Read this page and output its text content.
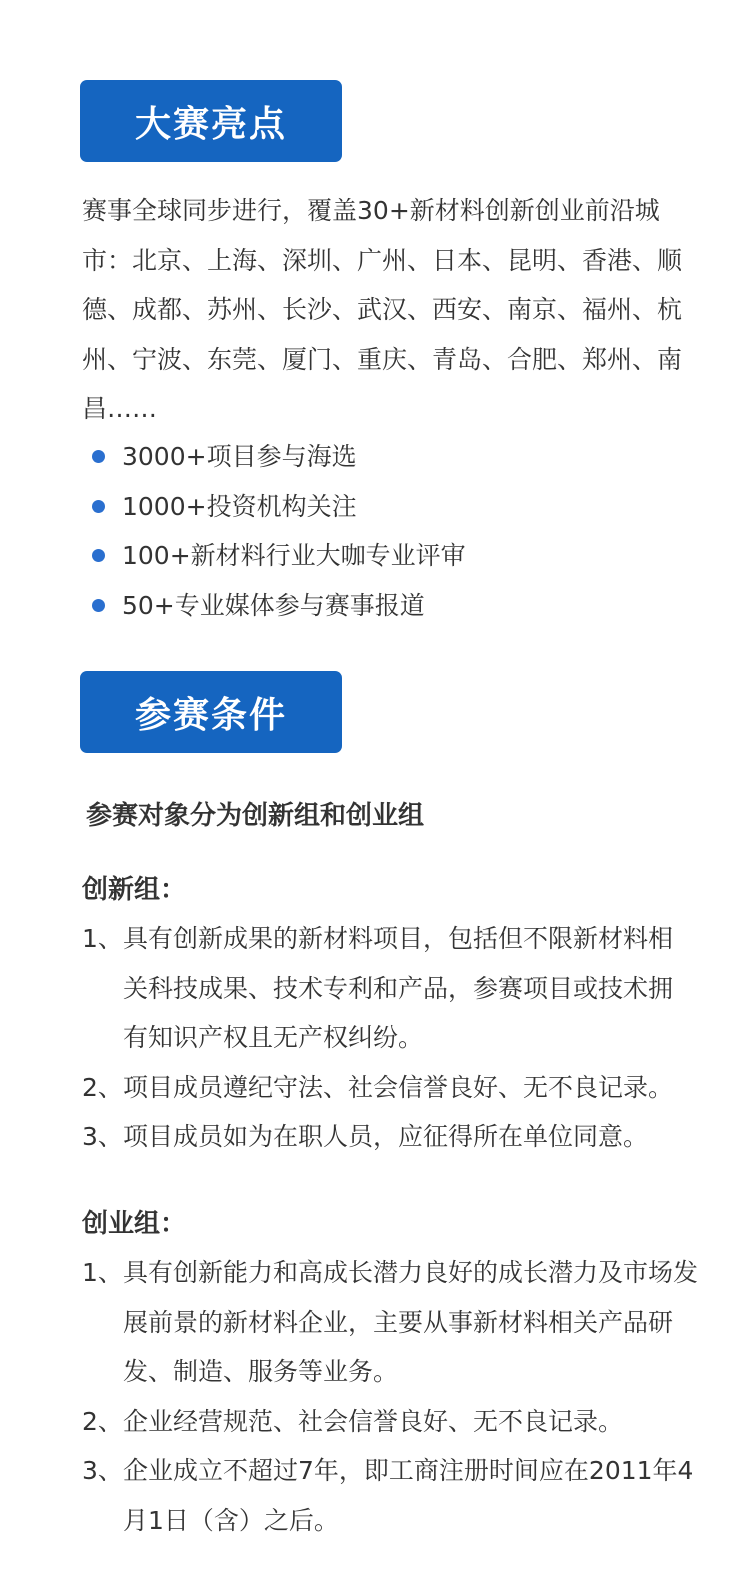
大赛亮点

赛事全球同步进行，覆盖30+新材料创新创业前沿城市：北京、上海、深圳、广州、日本、昆明、香港、顺德、成都、苏州、长沙、武汉、西安、南京、福州、杭州、宁波、东莞、厦门、重庆、青岛、合肥、郑州、南昌……

3000+项目参与海选
1000+投资机构关注
100+新材料行业大咖专业评审
50+专业媒体参与赛事报道
参赛条件

参赛对象分为创新组和创业组

创新组：

1、 具有创新成果的新材料项目，包括但不限新材料相关科技成果、技术专利和产品，参赛项目或技术拥有知识产权且无产权纠纷。
2、 项目成员遵纪守法、社会信誉良好、无不良记录。
3、 项目成员如为在职人员，应征得所在单位同意。

创业组：

1、 具有创新能力和高成长潜力良好的成长潜力及市场发展前景的新材料企业，主要从事新材料相关产品研发、制造、服务等业务。
2、 企业经营规范、社会信誉良好、无不良记录。
3、 企业成立不超过7年，即工商注册时间应在2011年4月1日（含）之后。
